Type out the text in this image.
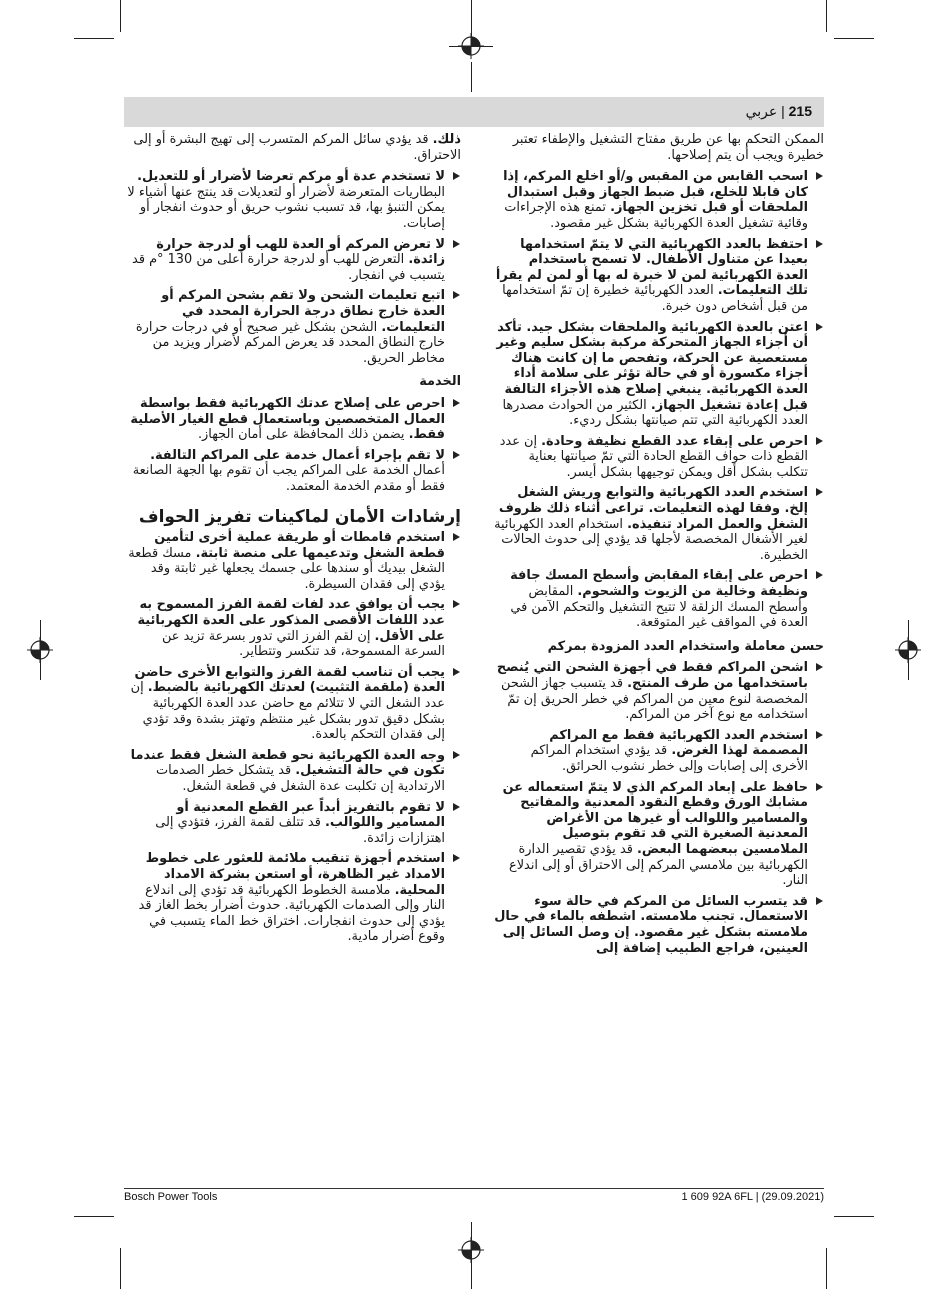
215 | عربي
الممكن التحكم بها عن طريق مفتاح التشغيل والإطفاء تعتبر خطيرة ويجب أن يتم إصلاحها.
اسحب القابس من المقبس و/أو اخلع المركم، إذا كان قابلا للخلع، قبل ضبط الجهاز وقبل استبدال الملحقات أو قبل تخزين الجهاز. تمنع هذه الإجراءات وقائية تشغيل العدة الكهربائية بشكل غير مقصود.
احتفظ بالعدد الكهربائية التي لا يتمّ استخدامها بعيدا عن متناول الأطفال. لا تسمح باستخدام العدة الكهربائية لمن لا خبرة له بها أو لمن لم يقرأ تلك التعليمات. العدد الكهربائية خطيرة إن تمّ استخدامها من قبل أشخاص دون خبرة.
اعتن بالعدة الكهربائية والملحقات بشكل جيد. تأكد أن أجزاء الجهاز المتحركة مركبة بشكل سليم وغير مستعصية عن الحركة، وتفحص ما إن كانت هناك أجزاء مكسورة أو في حالة تؤثر على سلامة أداء العدة الكهربائية. ينبغي إصلاح هذه الأجزاء التالفة قبل إعادة تشغيل الجهاز. الكثير من الحوادث مصدرها العدد الكهربائية التي تتم صيانتها بشكل رديء.
احرص على إبقاء عدد القطع نظيفة وحادة. إن عدد القطع ذات حواف القطع الحادة التي تمّ صيانتها بعناية تتكلب بشكل أقل ويمكن توجيهها بشكل أيسر.
استخدم العدد الكهربائية والتوابع وريش الشغل إلخ. وفقا لهذه التعليمات. تراعى أثناء ذلك ظروف الشغل والعمل المراد تنفيذه. استخدام العدد الكهربائية لغير الأشغال المخصصة لأجلها قد يؤدي إلى حدوث الحالات الخطيرة.
احرص على إبقاء المقابض وأسطح المسك جافة ونظيفة وخالية من الزيوت والشحوم. المقابض وأسطح المسك الزلقة لا تتيح التشغيل والتحكم الآمن في العدة في المواقف غير المتوقعة.
حسن معاملة واستخدام العدد المزودة بمركم
اشحن المراكم فقط في أجهزة الشحن التي يُنصح باستخدامها من طرف المنتج. قد يتسبب جهاز الشحن المخصصة لنوع معين من المراكم في خطر الحريق إن تمّ استخدامه مع نوع آخر من المراكم.
استخدم العدد الكهربائية فقط مع المراكم المصممة لهذا الغرض. قد يؤدي استخدام المراكم الأخرى إلى إصابات وإلى خطر نشوب الحرائق.
حافظ على إبعاد المركم الذي لا يتمّ استعماله عن مشابك الورق وقطع النقود المعدنية والمفاتيح والمسامير واللوالب أو غيرها من الأغراض المعدنية الصغيرة التي قد تقوم بتوصيل الملامسين ببعضهما البعض. قد يؤدي تقصير الدارة الكهربائية بين ملامسي المركم إلى الاحتراق أو إلى اندلاع النار.
قد يتسرب السائل من المركم في حالة سوء الاستعمال. تجنب ملامسته. اشطفه بالماء في حال ملامسته بشكل غير مقصود. إن وصل السائل إلى العينين، فراجع الطبيب إضافة إلى
ذلك. قد يؤدي سائل المركم المتسرب إلى تهيج البشرة أو إلى الاحتراق.
لا تستخدم عدة أو مركم تعرضا لأضرار أو للتعديل. البطاريات المتعرضة لأضرار أو لتعديلات قد ينتج عنها أشياء لا يمكن التنبؤ بها، قد تسبب نشوب حريق أو حدوث انفجار أو إصابات.
لا تعرض المركم أو العدة للهب أو لدرجة حرارة زائدة. التعرض للهب أو لدرجة حرارة أعلى من 130 °م قد يتسبب في انفجار.
اتبع تعليمات الشحن ولا تقم بشحن المركم أو العدة خارج نطاق درجة الحرارة المحدد في التعليمات. الشحن بشكل غير صحيح أو في درجات حرارة خارج النطاق المحدد قد يعرض المركم لأضرار ويزيد من مخاطر الحريق.
الخدمة
احرص على إصلاح عدتك الكهربائية فقط بواسطة العمال المتخصصين وباستعمال قطع الغيار الأصلية فقط. يضمن ذلك المحافظة على أمان الجهاز.
لا تقم بإجراء أعمال خدمة على المراكم التالفة. أعمال الخدمة على المراكم يجب أن تقوم بها الجهة الصانعة فقط أو مقدم الخدمة المعتمد.
إرشادات الأمان لماكينات تفريز الحواف
استخدم قامطات أو طريقة عملية أخرى لتأمين قطعة الشغل وتدعيمها على منصة ثابتة. مسك قطعة الشغل بيديك أو سندها على جسمك يجعلها غير ثابتة وقد يؤدي إلى فقدان السيطرة.
يجب أن يوافق عدد لفات لقمة الفرز المسموح به عدد اللفات الأقصى المذكور على العدة الكهربائية على الأقل. إن لقم الفرز التي تدور بسرعة تزيد عن السرعة المسموحة، قد تنكسر وتتطاير.
يجب أن تناسب لقمة الفرز والتوابع الأخرى حاضن العدة (ملقمة التثبيت) لعدتك الكهربائية بالضبط. إن عدد الشغل التي لا تتلائم مع حاضن عدد العدة الكهربائية بشكل دقيق تدور بشكل غير منتظم وتهتز بشدة وقد تؤدي إلى فقدان التحكم بالعدة.
وجه العدة الكهربائية نحو قطعة الشغل فقط عندما تكون في حالة التشغيل. قد يتشكل خطر الصدمات الارتدادية إن تكلبت عدة الشغل في قطعة الشغل.
لا تقوم بالتفريز أبداً عبر القطع المعدنية أو المسامير واللوالب. قد تتلف لقمة الفرز، فتؤدي إلى اهتزازات زائدة.
استخدم أجهزة تنقيب ملائمة للعثور على خطوط الامداد غير الظاهرة، أو استعن بشركة الامداد المحلية. ملامسة الخطوط الكهربائية قد تؤدي إلى اندلاع النار وإلى الصدمات الكهربائية. حدوث أضرار بخط الغاز قد يؤدي إلى حدوث انفجارات. اختراق خط الماء يتسبب في وقوع أضرار مادية.
Bosch Power Tools	1 609 92A 6FL | (29.09.2021)
